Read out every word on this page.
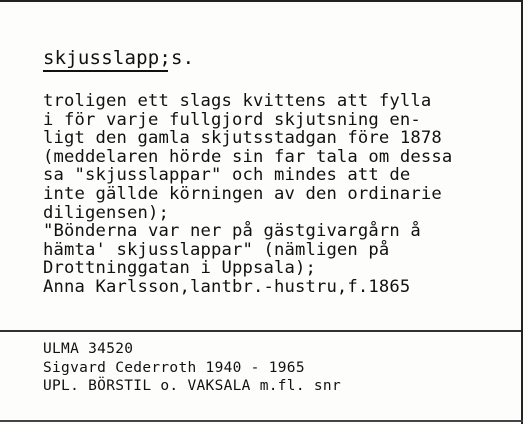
skjusslapp;s.
troligen ett slags kvittens att fylla
i för varje fullgjord skjutsning en-
ligt den gamla skjutsstadgan före 1878
(meddelaren hörde sin far tala om dessa
sa "skjusslappar" och mindes att de
inte gällde körningen av den ordinarie
diligensen);
"Bönderna var ner på gästgivargårn å
hämta' skjusslappar" (nämligen på
Drottninggatan i Uppsala);
Anna Karlsson,lantbr.-hustru,f.1865
ULMA 34520
Sigvard Cederroth 1940 - 1965
UPL. BÖRSTIL o. VAKSALA m.fl. snr
